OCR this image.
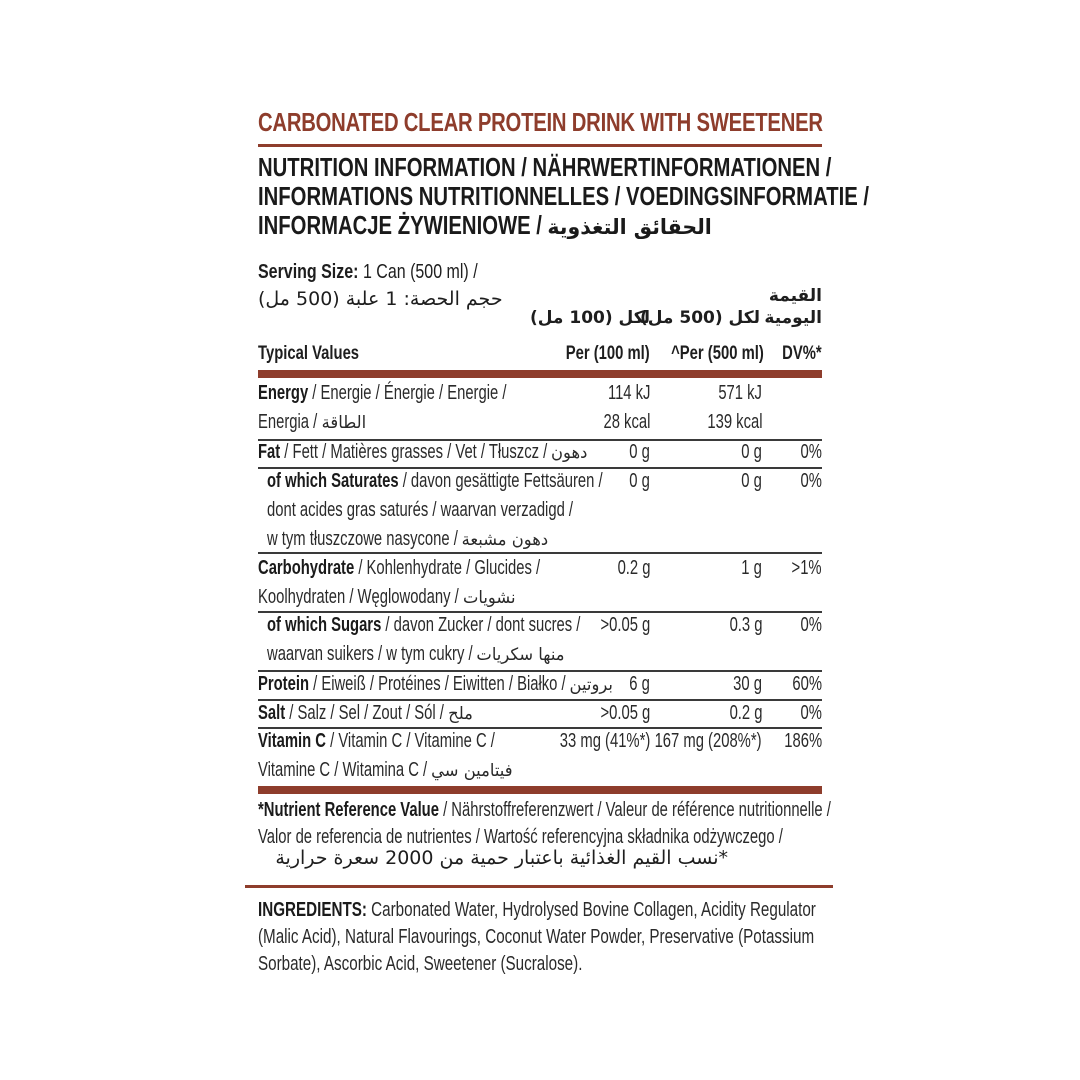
CARBONATED CLEAR PROTEIN DRINK WITH SWEETENER
NUTRITION INFORMATION / NÄHRWERTINFORMATIONEN /
INFORMATIONS NUTRITIONNELLES / VOEDINGSINFORMATIE /
INFORMACJE ŻYWIENIOWE / الحقائق التغذوية
Serving Size: 1 Can (500 ml) /
حجم الحصة: 1 علبة (500 مل)	القيمة
اليومية
لكل (500 مل)
لكل (100 مل)
Typical Values	Per (100 ml) ^Per (500 ml) DV%*
Energy / Energie / Énergie / Energie /
Energia / الطاقة
114 kJ	571 kJ
28 kcal	139 kcal
Fat / Fett / Matières grasses / Vet / Tłuszcz / دهون 0 g	0 g 0%
of which Saturates / davon gesättigte Fettsäuren /
dont acides gras saturés / waarvan verzadigd /
w tym tłuszczowe nasycone / دهون مشبعة
0 g	0 g 0%
Carbohydrate / Kohlenhydrate / Glucides /
Koolhydraten / Węglowodany / نشويات
0.2 g	1 g >1%
of which Sugars / davon Zucker / dont sucres /
waarvan suikers / w tym cukry / منها سكريات
>0.05 g	0.3 g 0%
Protein / Eiweiß / Protéines / Eiwitten / Białko / بروتين 6 g	30 g 60%
Salt / Salz / Sel / Zout / Sól / ملح	>0.05 g	0.2 g 0%
Vitamin C / Vitamin C / Vitamine C /
Vitamine C / Witamina C / فيتامين سي
33 mg (41%*) 167 mg (208%*) 186%
*Nutrient Reference Value / Nährstoffreferenzwert / Valeur de référence nutritionnelle /
Valor de referencia de nutrientes / Wartość referencyjna składnika odżywczego /
*نسب القيم الغذائية باعتبار حمية من 2000 سعرة حرارية
INGREDIENTS: Carbonated Water, Hydrolysed Bovine Collagen, Acidity Regulator (Malic Acid), Natural Flavourings, Coconut Water Powder, Preservative (Potassium Sorbate), Ascorbic Acid, Sweetener (Sucralose).
